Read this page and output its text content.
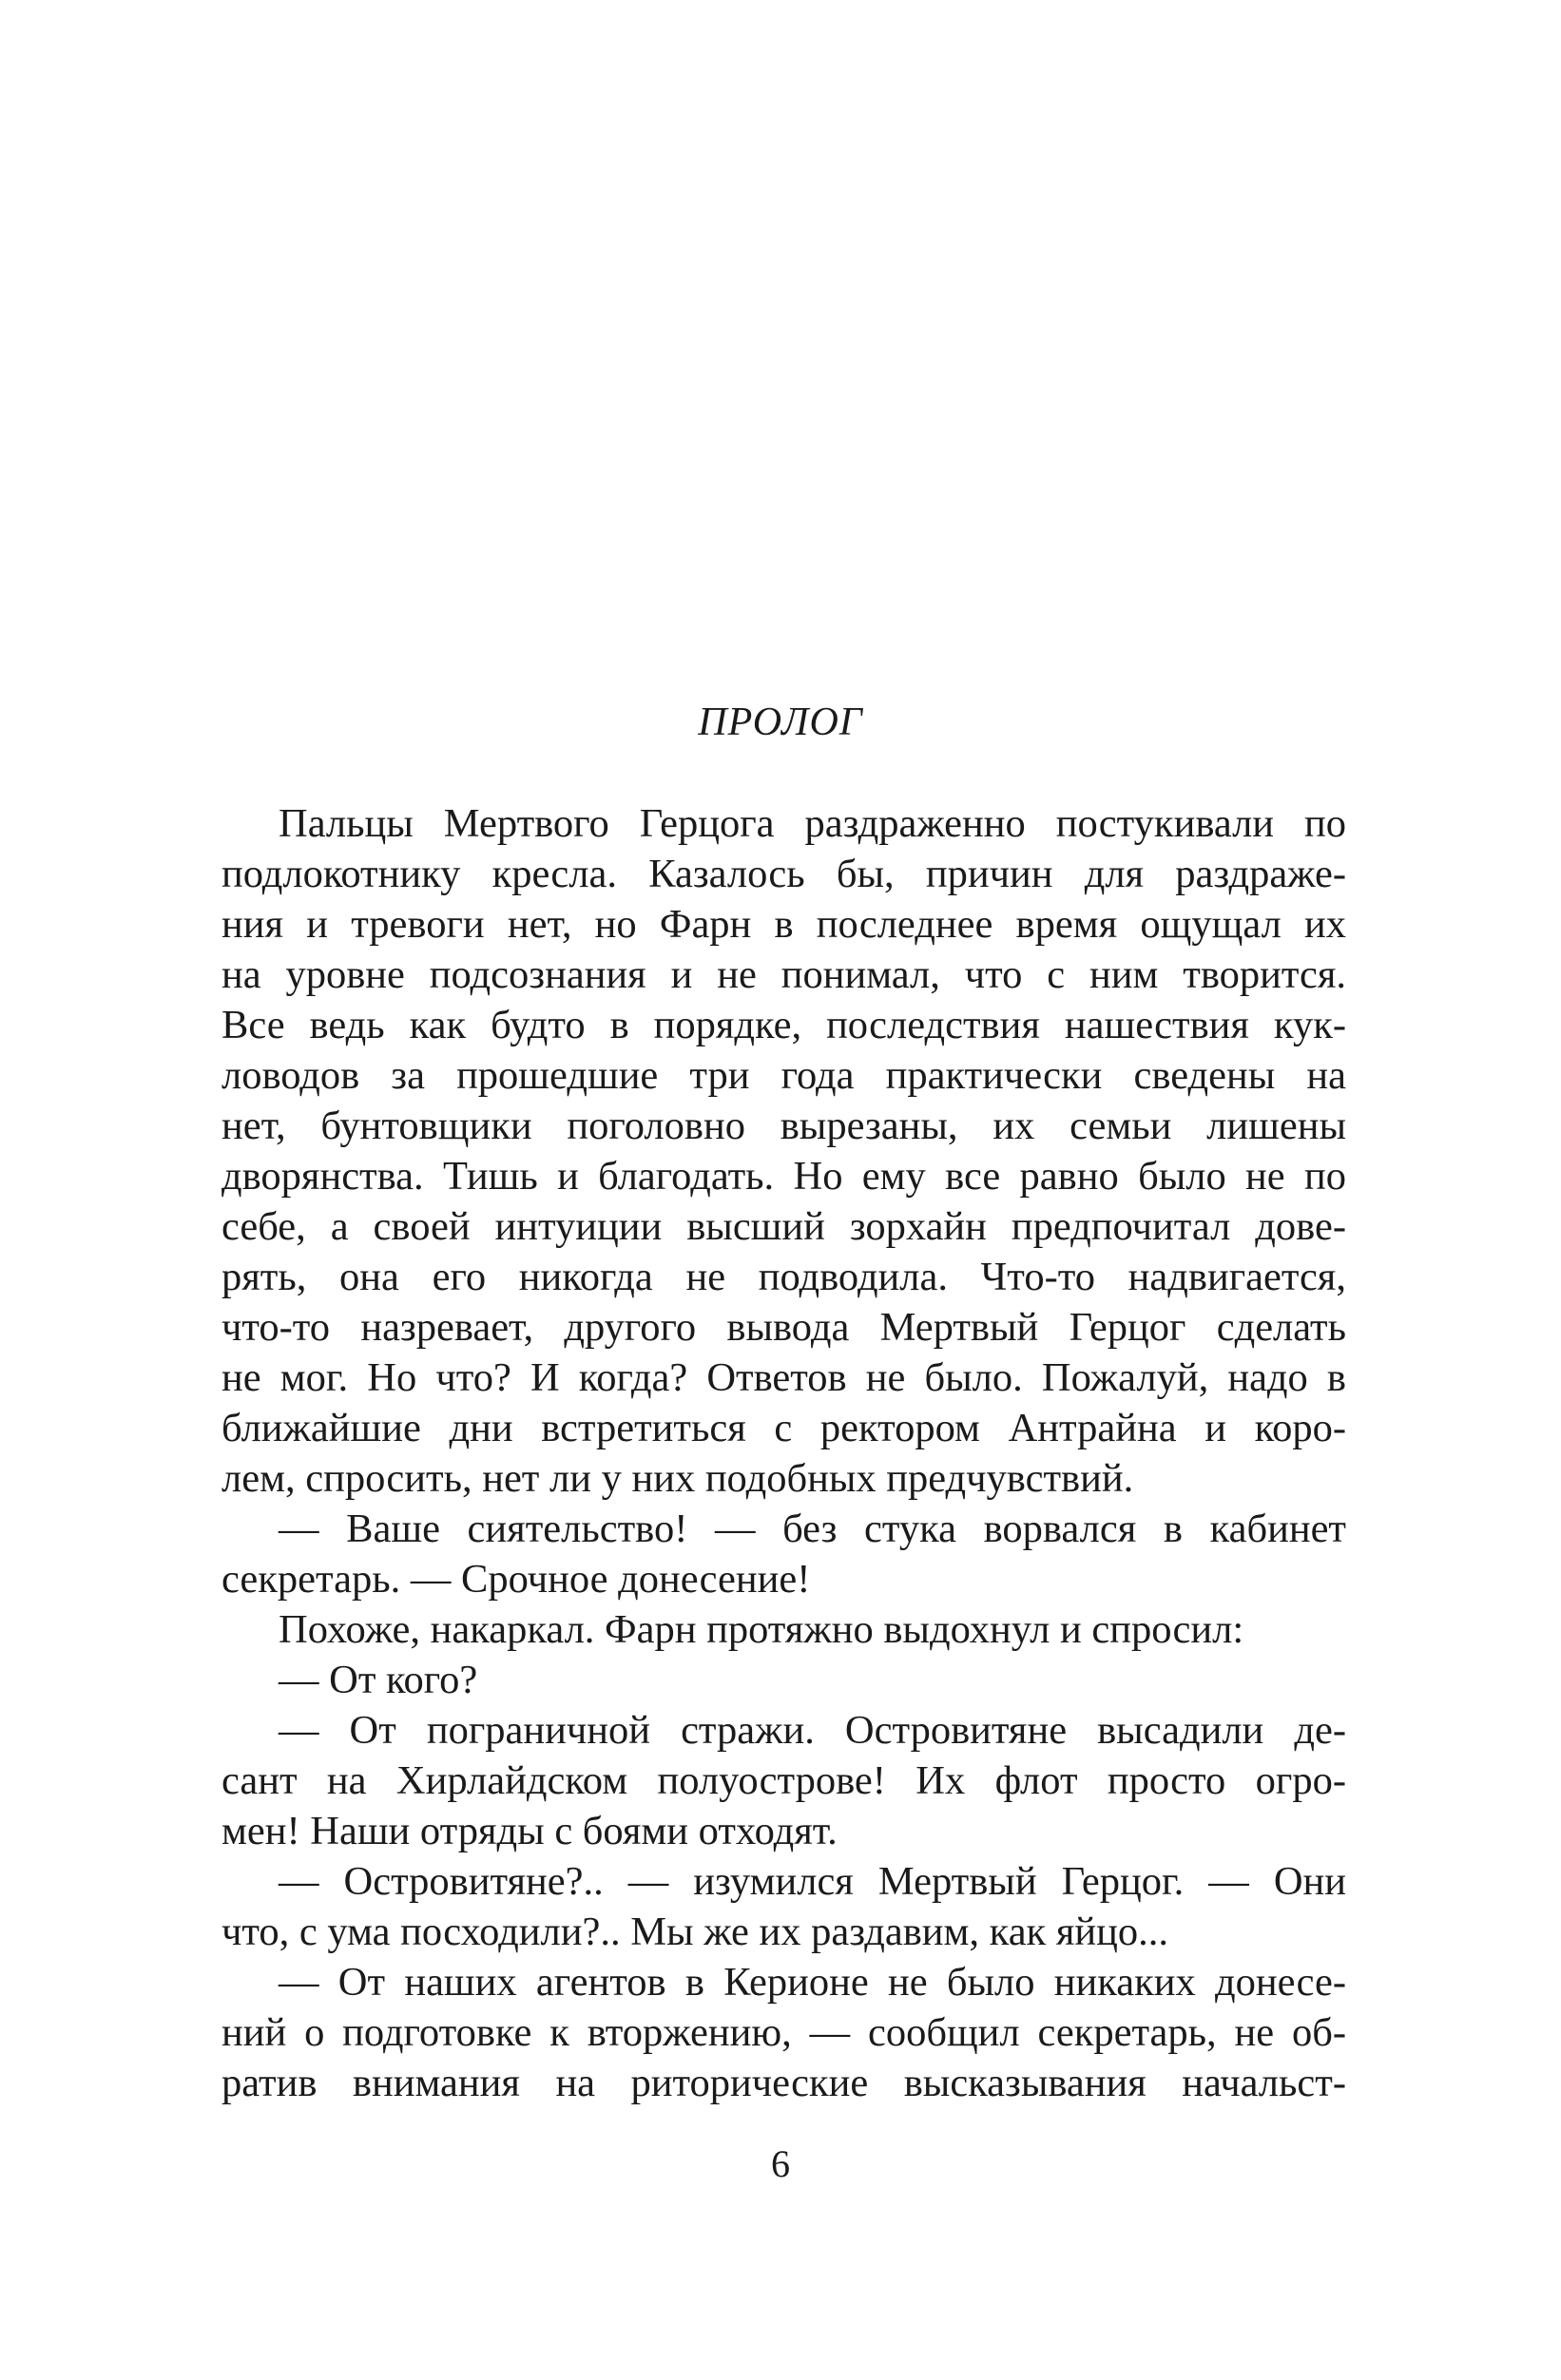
ПРОЛОГ
Пальцы Мертвого Герцога раздраженно постукивали по
подлокотнику кресла. Казалось бы, причин для раздраже-
ния и тревоги нет, но Фарн в последнее время ощущал их
на уровне подсознания и не понимал, что с ним творится.
Все ведь как будто в порядке, последствия нашествия кук-
ловодов за прошедшие три года практически сведены на
нет, бунтовщики поголовно вырезаны, их семьи лишены
дворянства. Тишь и благодать. Но ему все равно было не по
себе, а своей интуиции высший зорхайн предпочитал дове-
рять, она его никогда не подводила. Что-то надвигается,
что-то назревает, другого вывода Мертвый Герцог сделать
не мог. Но что? И когда? Ответов не было. Пожалуй, надо в
ближайшие дни встретиться с ректором Антрайна и коро-
лем, спросить, нет ли у них подобных предчувствий.
— Ваше сиятельство! — без стука ворвался в кабинет
секретарь. — Срочное донесение!
Похоже, накаркал. Фарн протяжно выдохнул и спросил:
— От кого?
— От пограничной стражи. Островитяне высадили де-
сант на Хирлайдском полуострове! Их флот просто огро-
мен! Наши отряды с боями отходят.
— Островитяне?.. — изумился Мертвый Герцог. — Они
что, с ума посходили?.. Мы же их раздавим, как яйцо...
— От наших агентов в Керионе не было никаких донесе-
ний о подготовке к вторжению, — сообщил секретарь, не об-
ратив внимания на риторические высказывания начальст-
6
